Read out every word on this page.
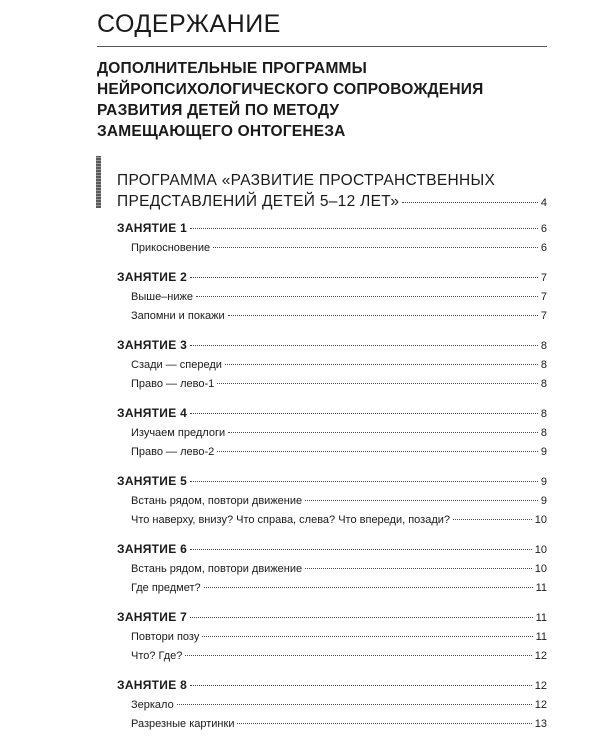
СОДЕРЖАНИЕ
ДОПОЛНИТЕЛЬНЫЕ ПРОГРАММЫ
НЕЙРОПСИХОЛОГИЧЕСКОГО СОПРОВОЖДЕНИЯ
РАЗВИТИЯ ДЕТЕЙ ПО МЕТОДУ
ЗАМЕЩАЮЩЕГО ОНТОГЕНЕЗА
ПРОГРАММА «РАЗВИТИЕ ПРОСТРАНСТВЕННЫХ
ПРЕДСТАВЛЕНИЙ ДЕТЕЙ 5–12 ЛЕТ»	4
ЗАНЯТИЕ 1	6
Прикосновение	6
ЗАНЯТИЕ 2	7
Выше–ниже	7
Запомни и покажи	7
ЗАНЯТИЕ 3	8
Сзади — спереди	8
Право — лево-1	8
ЗАНЯТИЕ 4	8
Изучаем предлоги	8
Право — лево-2	9
ЗАНЯТИЕ 5	9
Встань рядом, повтори движение	9
Что наверху, внизу? Что справа, слева? Что впереди, позади?	10
ЗАНЯТИЕ 6	10
Встань рядом, повтори движение	10
Где предмет?	11
ЗАНЯТИЕ 7	11
Повтори позу	11
Что? Где?	12
ЗАНЯТИЕ 8	12
Зеркало	12
Разрезные картинки	13
